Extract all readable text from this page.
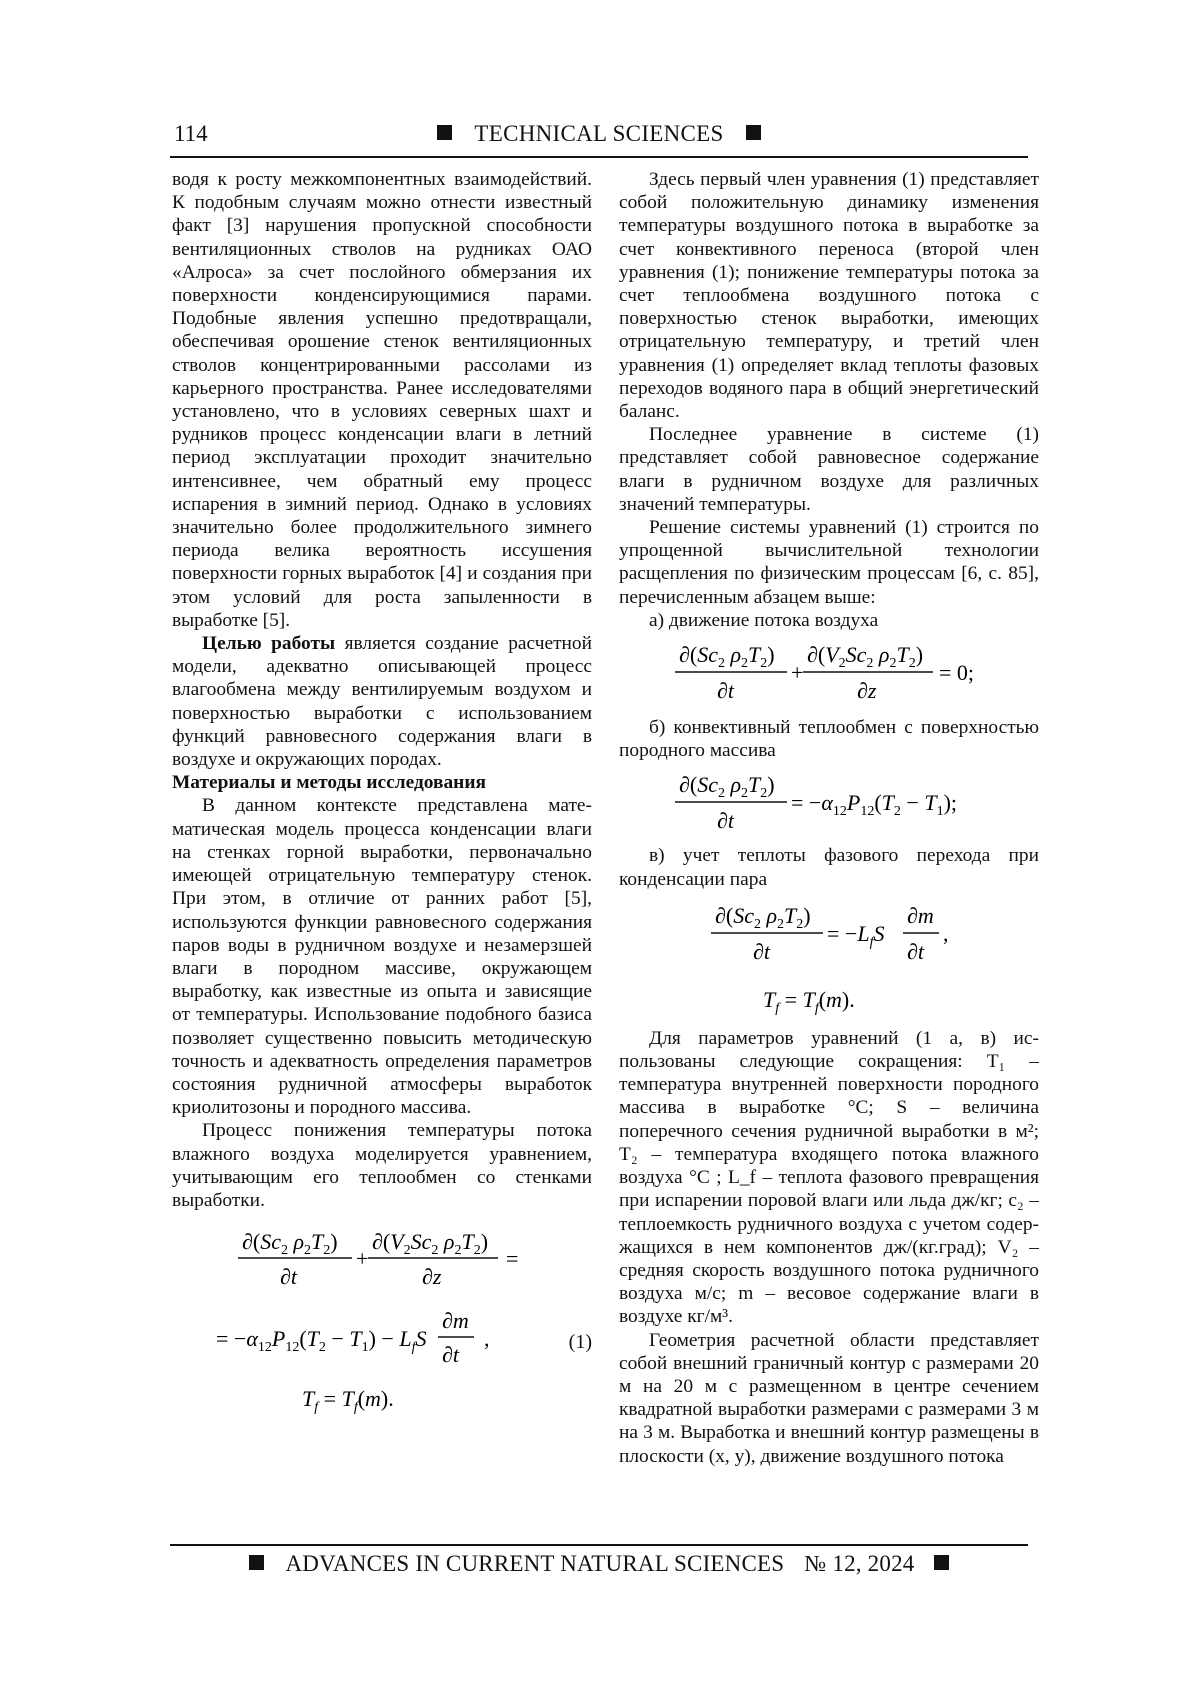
114	TECHNICAL SCIENCES

водя к росту межкомпонентных взаимодействий. К подобным случаям можно отнести известный факт [3] нарушения пропускной способности вентиляционных стволов на рудниках ОАО «Алроса» за счет послойного обмерзания их поверхности конденсирующимися парами. Подобные явления успешно предотвращали, обеспечивая орошение стенок вентиляционных стволов концентрированными рассолами из карьерного пространства. Ранее исследователями установлено, что в условиях северных шахт и рудников процесс конденсации влаги в летний период эксплуатации проходит значительно интенсивнее, чем обратный ему процесс испарения в зимний период. Однако в условиях значительно более продолжительного зимнего периода велика вероятность иссушения поверхности горных выработок [4] и создания при этом условий для роста запыленности в выработке [5].

Целью работы является создание расчетной модели, адекватно описывающей процесс влагообмена между вентилируемым воздухом и поверхностью выработки с использованием функций равновесного содержания влаги в воздухе и окружающих породах.

Материалы и методы исследования

В данном контексте представлена математическая модель процесса конденсации влаги на стенках горной выработки, первоначально имеющей отрицательную температуру стенок. При этом, в отличие от ранних работ [5], используются функции равновесного содержания паров воды в рудничном воздухе и незамерзшей влаги в породном массиве, окружающем выработку, как известные из опыта и зависящие от температуры. Использование подобного базиса позволяет существенно повысить методическую точность и адекватность определения параметров состояния рудничной атмосферы выработок криолитозоны и породного массива.

Процесс понижения температуры потока влажного воздуха моделируется уравнением, учитывающим его теплообмен со стенками выработки.

$\partial(Sc_2$ $\rho_2T_2$)
∂t
+
$\partial(V_2Sc_2$ $\rho_2T_2$)
∂z
=
= $-\alpha_{12}P_{12}(T_2 - T_1) - L_fS$
∂m
∂t
,
$T_f = T_f(m)$.
(1)

Здесь первый член уравнения (1) представляет собой положительную динамику изменения температуры воздушного потока в выработке за счет конвективного переноса (второй член уравнения (1); понижение температуры потока за счет теплообмена воздушного потока с поверхностью стенок выработки, имеющих отрицательную температуру, и третий член уравнения (1) определяет вклад теплоты фазовых переходов водяного пара в общий энергетический баланс.

Последнее уравнение в системе (1) представляет собой равновесное содержание влаги в рудничном воздухе для различных значений температуры.

Решение системы уравнений (1) строится по упрощенной вычислительной технологии расщепления по физическим процессам [6, с. 85], перечисленным абзацем выше:

а) движение потока воздуха

$\partial(Sc_2$ $\rho_2T_2$)
∂t
+
$\partial(V_2Sc_2$ $\rho_2T_2$)
∂z
= 0;

б) конвективный теплообмен с поверхностью породного массива

$\partial(Sc_2$ $\rho_2T_2$)
∂t
= $-\alpha_{12}P_{12}(T_2 - T_1)$;

в) учет теплоты фазового перехода при конденсации пара

$\partial(Sc_2$ $\rho_2T_2$)
∂t
= $-L_fS$
∂m
∂t
,
$T_f = T_f(m)$.

Для параметров уравнений (1 а, в) использованы следующие сокращения: T₁ – температура внутренней поверхности породного массива в выработке °С; S – величина поперечного сечения рудничной выработки в м²; T₂ – температура входящего потока влажного воздуха °С ; L_f – теплота фазового превращения при испарении поровой влаги или льда дж/кг; c₂ – теплоемкость рудничного воздуха с учетом содержащихся в нем компонентов дж/(кг.град); V₂ – средняя скорость воздушного потока рудничного воздуха м/с; m – весовое содержание влаги в воздухе кг/м³.

Геометрия расчетной области представляет собой внешний граничный контур с размерами 20 м на 20 м с размещенном в центре сечением квадратной выработки размерами с размерами 3 м на 3 м. Выработка и внешний контур размещены в плоскости (x, y), движение воздушного потока

ADVANCES IN CURRENT NATURAL SCIENCES № 12, 2024
